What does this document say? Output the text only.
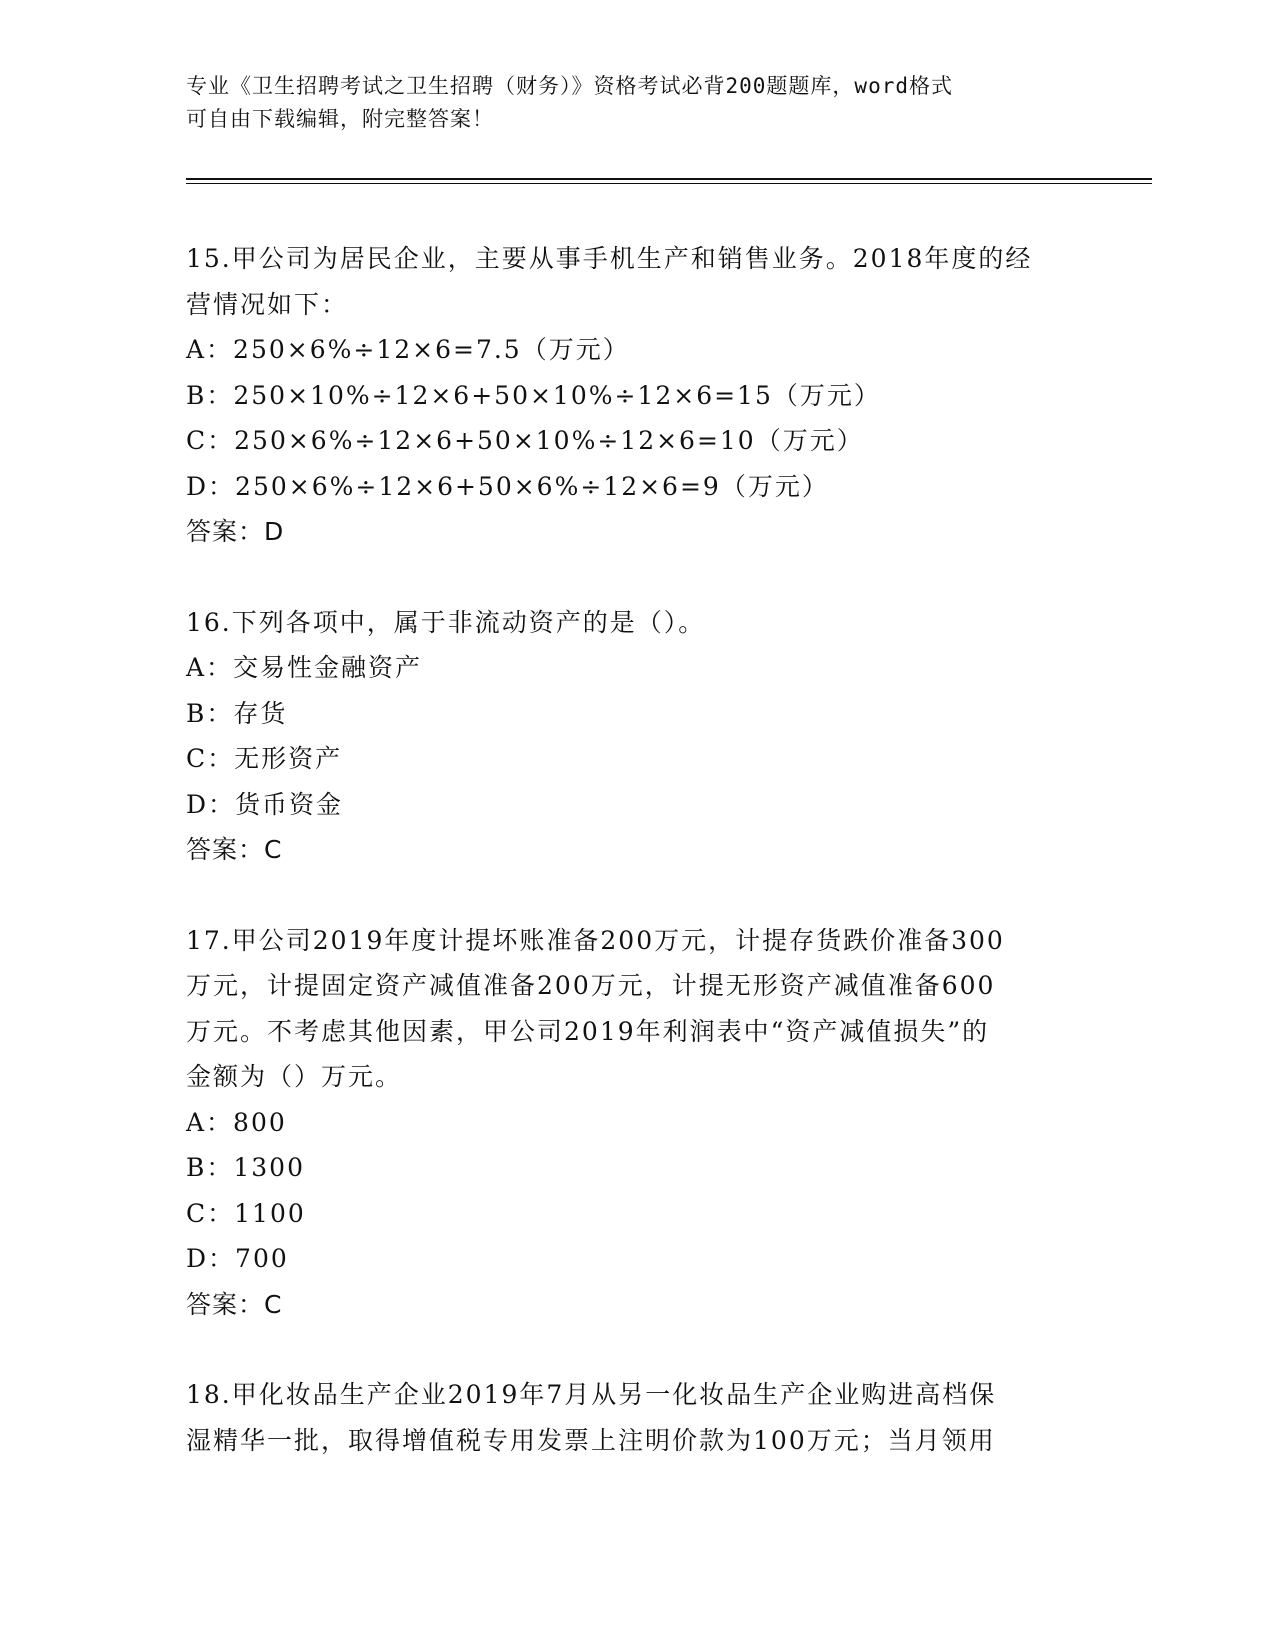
专业《卫生招聘考试之卫生招聘（财务）》资格考试必背200题题库，word格式
可自由下载编辑，附完整答案！
15.甲公司为居民企业，主要从事手机生产和销售业务。2018年度的经
营情况如下：
A：250×6%÷12×6=7.5（万元）
B：250×10%÷12×6+50×10%÷12×6=15（万元）
C：250×6%÷12×6+50×10%÷12×6=10（万元）
D：250×6%÷12×6+50×6%÷12×6=9（万元）
答案：D
16.下列各项中，属于非流动资产的是（）。
A：交易性金融资产
B：存货
C：无形资产
D：货币资金
答案：C
17.甲公司2019年度计提坏账准备200万元，计提存货跌价准备300
万元，计提固定资产减值准备200万元，计提无形资产减值准备600
万元。不考虑其他因素，甲公司2019年利润表中“资产减值损失”的
金额为（）万元。
A：800
B：1300
C：1100
D：700
答案：C
18.甲化妆品生产企业2019年7月从另一化妆品生产企业购进高档保
湿精华一批，取得增值税专用发票上注明价款为100万元；当月领用
